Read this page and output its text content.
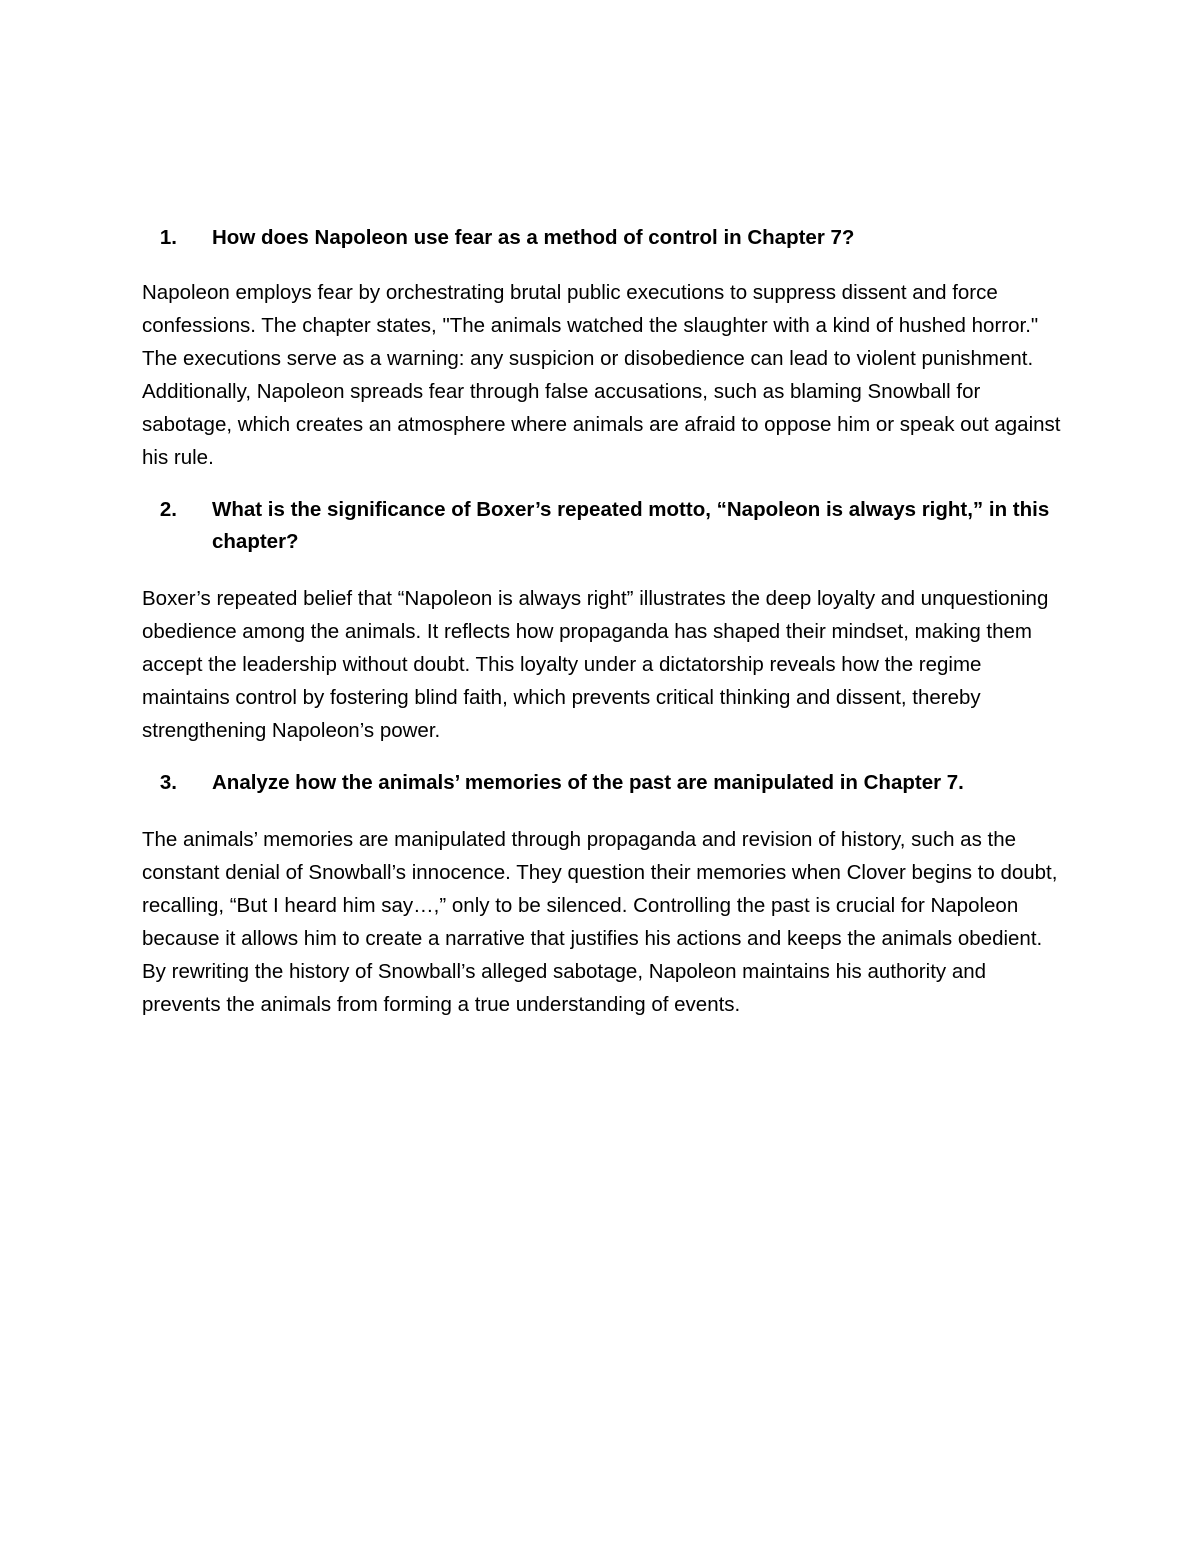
1.	How does Napoleon use fear as a method of control in Chapter 7?

Napoleon employs fear by orchestrating brutal public executions to suppress dissent and force confessions. The chapter states, "The animals watched the slaughter with a kind of hushed horror." The executions serve as a warning: any suspicion or disobedience can lead to violent punishment. Additionally, Napoleon spreads fear through false accusations, such as blaming Snowball for sabotage, which creates an atmosphere where animals are afraid to oppose him or speak out against his rule.

2.	What is the significance of Boxer’s repeated motto, “Napoleon is always right,” in this chapter?

Boxer’s repeated belief that “Napoleon is always right” illustrates the deep loyalty and unquestioning obedience among the animals. It reflects how propaganda has shaped their mindset, making them accept the leadership without doubt. This loyalty under a dictatorship reveals how the regime maintains control by fostering blind faith, which prevents critical thinking and dissent, thereby strengthening Napoleon’s power.

3.	Analyze how the animals’ memories of the past are manipulated in Chapter 7.

The animals’ memories are manipulated through propaganda and revision of history, such as the constant denial of Snowball’s innocence. They question their memories when Clover begins to doubt, recalling, “But I heard him say…,” only to be silenced. Controlling the past is crucial for Napoleon because it allows him to create a narrative that justifies his actions and keeps the animals obedient. By rewriting the history of Snowball’s alleged sabotage, Napoleon maintains his authority and prevents the animals from forming a true understanding of events.
